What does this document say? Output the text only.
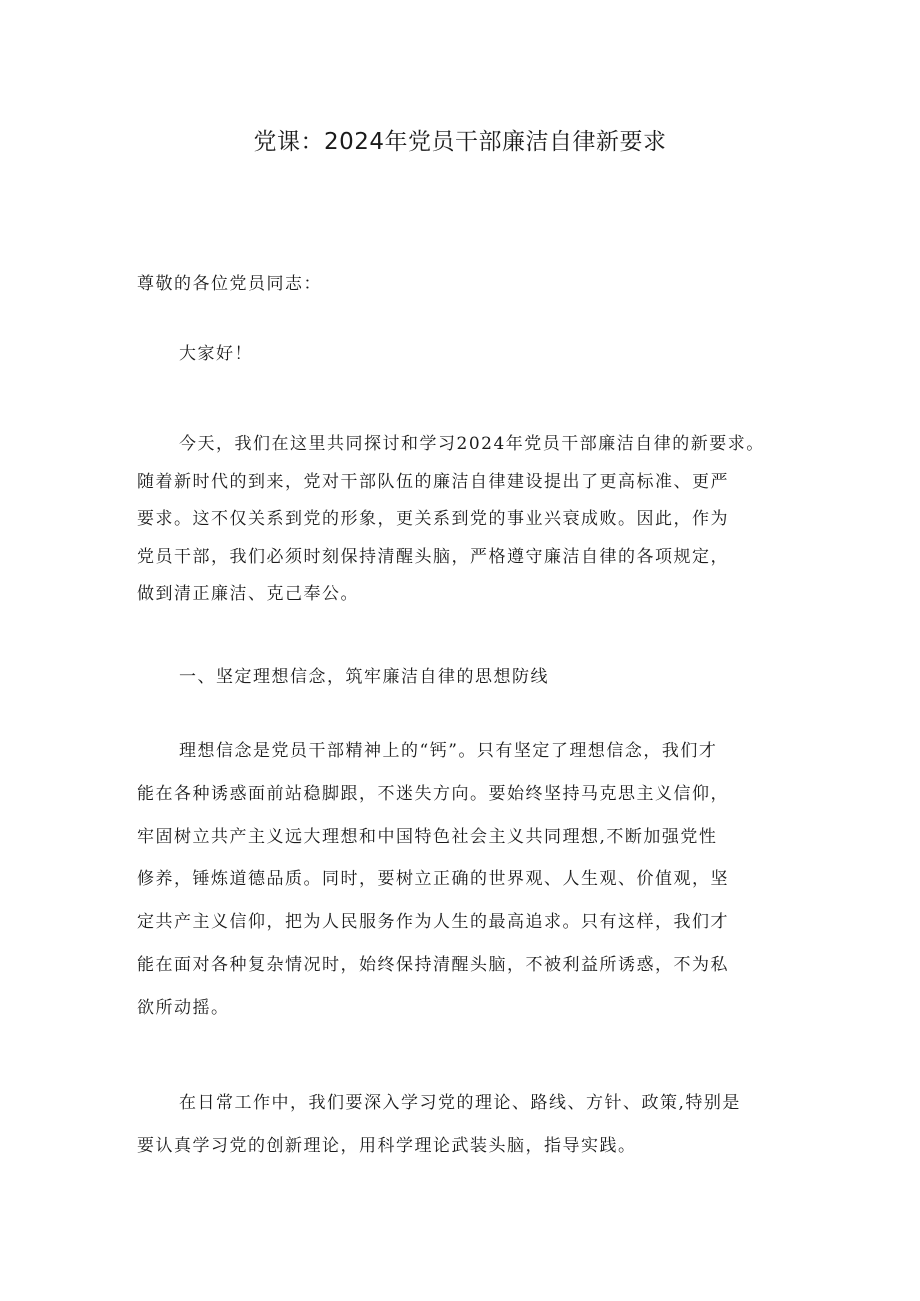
党课：2024年党员干部廉洁自律新要求
尊敬的各位党员同志：
大家好！
今天，我们在这里共同探讨和学习2024年党员干部廉洁自律的新要求。
随着新时代的到来，党对干部队伍的廉洁自律建设提出了更高标准、更严
要求。这不仅关系到党的形象，更关系到党的事业兴衰成败。因此，作为
党员干部，我们必须时刻保持清醒头脑，严格遵守廉洁自律的各项规定，
做到清正廉洁、克己奉公。
一、坚定理想信念，筑牢廉洁自律的思想防线
理想信念是党员干部精神上的“钙”。只有坚定了理想信念，我们才
能在各种诱惑面前站稳脚跟，不迷失方向。要始终坚持马克思主义信仰，
牢固树立共产主义远大理想和中国特色社会主义共同理想,不断加强党性
修养，锤炼道德品质。同时，要树立正确的世界观、人生观、价值观，坚
定共产主义信仰，把为人民服务作为人生的最高追求。只有这样，我们才
能在面对各种复杂情况时，始终保持清醒头脑，不被利益所诱惑，不为私
欲所动摇。
在日常工作中，我们要深入学习党的理论、路线、方针、政策,特别是
要认真学习党的创新理论，用科学理论武装头脑，指导实践。
